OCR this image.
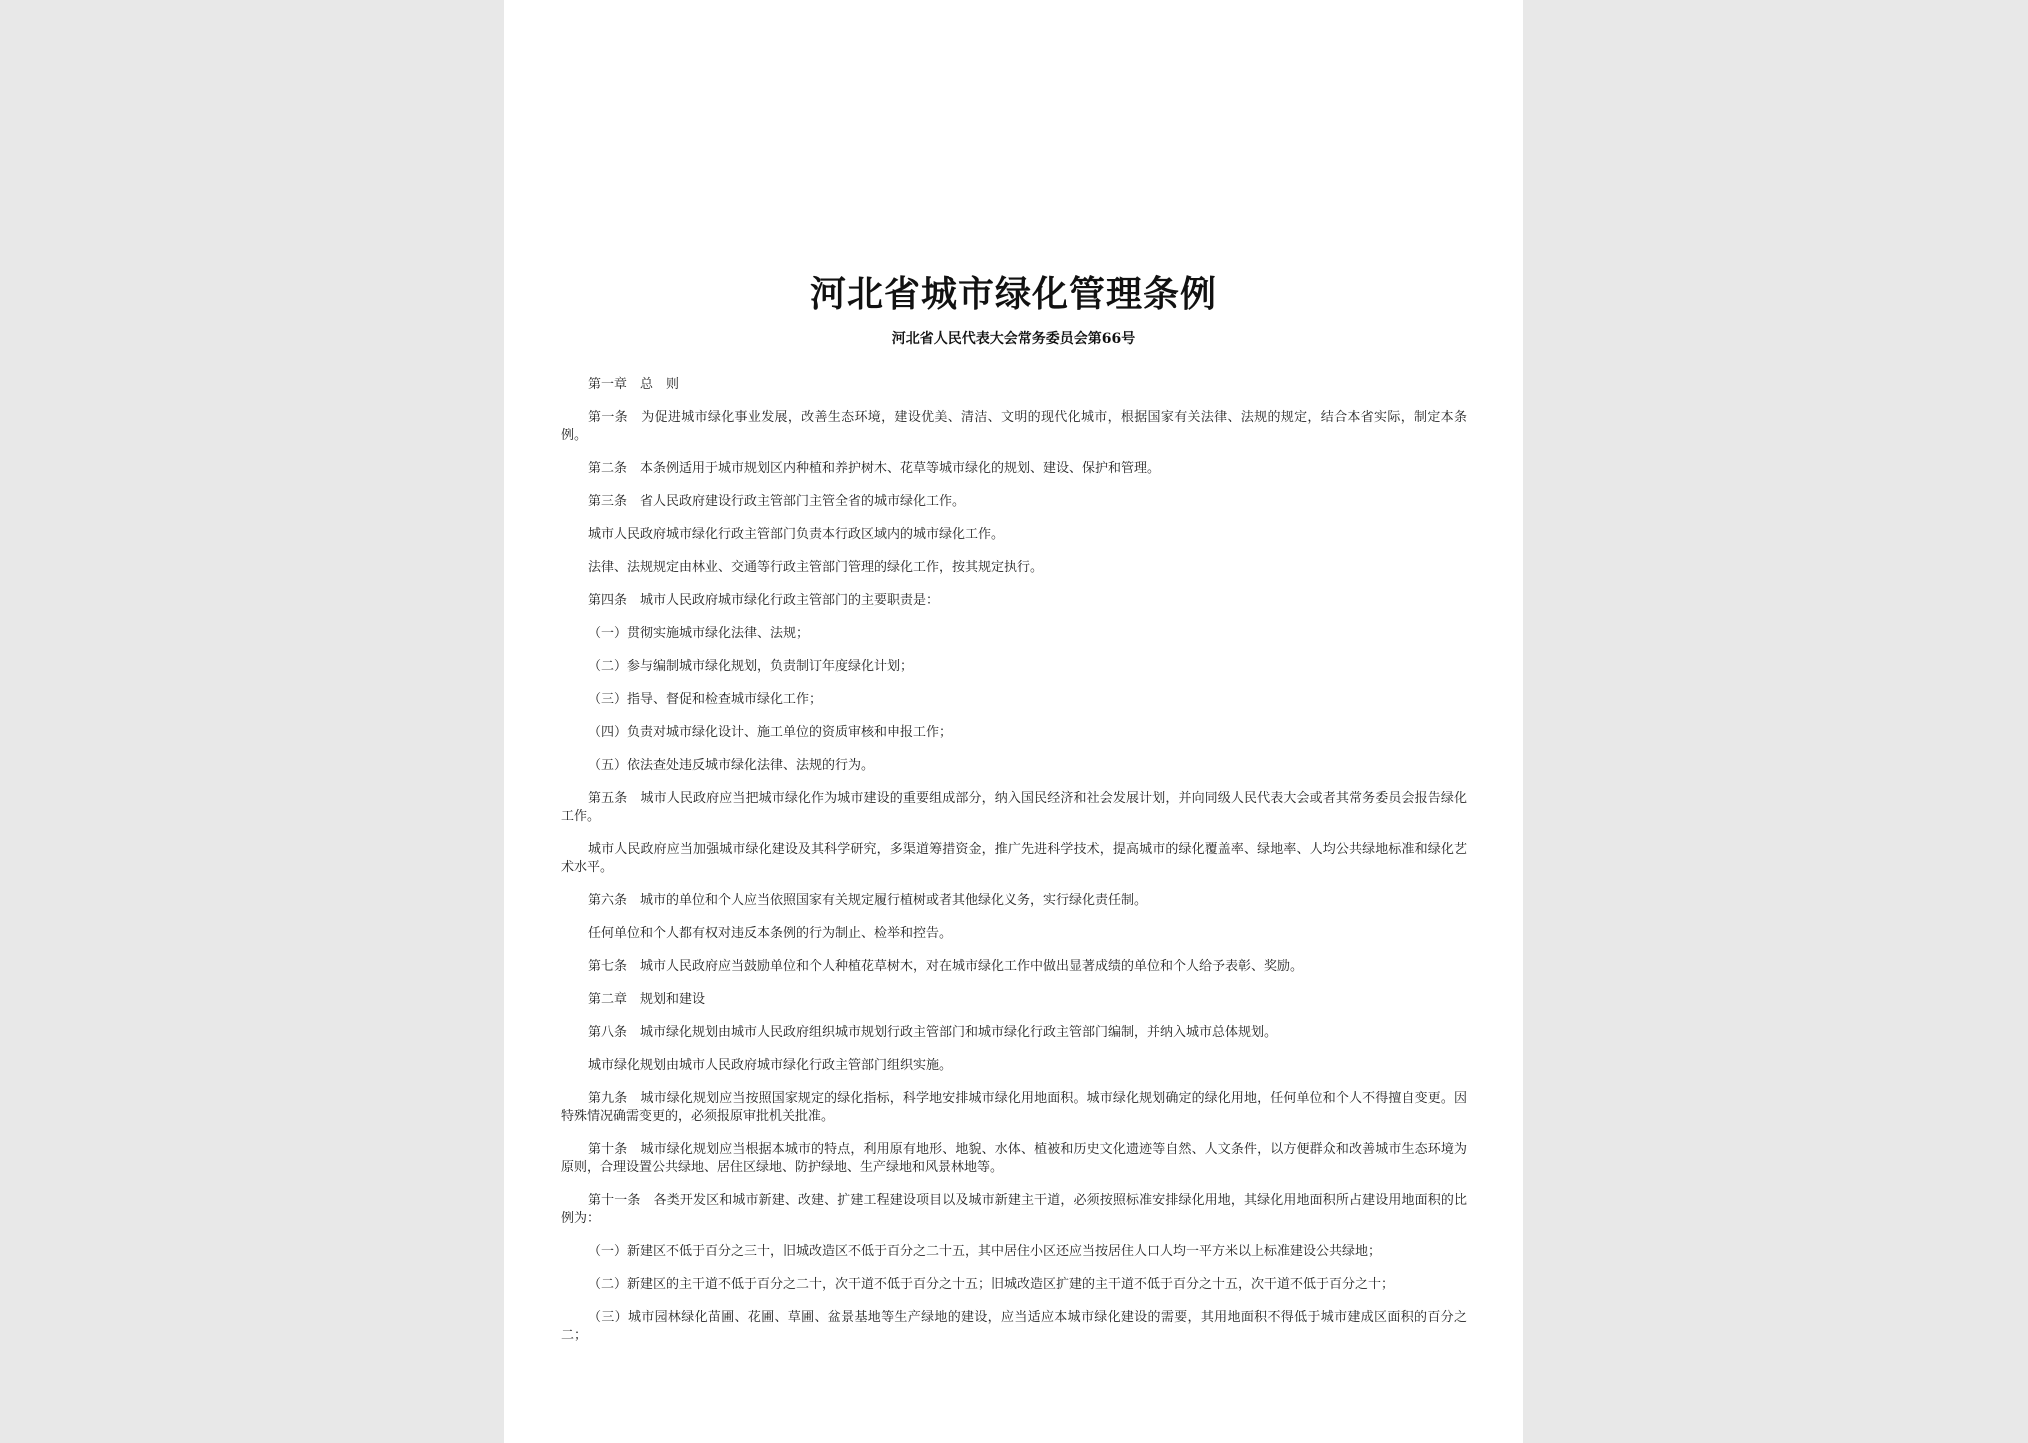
河北省城市绿化管理条例
河北省人民代表大会常务委员会第66号

第一章　总　则

第一条　为促进城市绿化事业发展，改善生态环境，建设优美、清洁、文明的现代化城市，根据国家有关法律、法规的规定，结合本省实际，制定本条例。

第二条　本条例适用于城市规划区内种植和养护树木、花草等城市绿化的规划、建设、保护和管理。

第三条　省人民政府建设行政主管部门主管全省的城市绿化工作。

城市人民政府城市绿化行政主管部门负责本行政区域内的城市绿化工作。

法律、法规规定由林业、交通等行政主管部门管理的绿化工作，按其规定执行。

第四条　城市人民政府城市绿化行政主管部门的主要职责是：

（一）贯彻实施城市绿化法律、法规；

（二）参与编制城市绿化规划，负责制订年度绿化计划；

（三）指导、督促和检查城市绿化工作；

（四）负责对城市绿化设计、施工单位的资质审核和申报工作；

（五）依法查处违反城市绿化法律、法规的行为。

第五条　城市人民政府应当把城市绿化作为城市建设的重要组成部分，纳入国民经济和社会发展计划，并向同级人民代表大会或者其常务委员会报告绿化工作。

城市人民政府应当加强城市绿化建设及其科学研究，多渠道筹措资金，推广先进科学技术，提高城市的绿化覆盖率、绿地率、人均公共绿地标准和绿化艺术水平。

第六条　城市的单位和个人应当依照国家有关规定履行植树或者其他绿化义务，实行绿化责任制。

任何单位和个人都有权对违反本条例的行为制止、检举和控告。

第七条　城市人民政府应当鼓励单位和个人种植花草树木，对在城市绿化工作中做出显著成绩的单位和个人给予表彰、奖励。

第二章　规划和建设

第八条　城市绿化规划由城市人民政府组织城市规划行政主管部门和城市绿化行政主管部门编制，并纳入城市总体规划。

城市绿化规划由城市人民政府城市绿化行政主管部门组织实施。

第九条　城市绿化规划应当按照国家规定的绿化指标，科学地安排城市绿化用地面积。城市绿化规划确定的绿化用地，任何单位和个人不得擅自变更。因特殊情况确需变更的，必须报原审批机关批准。

第十条　城市绿化规划应当根据本城市的特点，利用原有地形、地貌、水体、植被和历史文化遗迹等自然、人文条件，以方便群众和改善城市生态环境为原则，合理设置公共绿地、居住区绿地、防护绿地、生产绿地和风景林地等。

第十一条　各类开发区和城市新建、改建、扩建工程建设项目以及城市新建主干道，必须按照标准安排绿化用地，其绿化用地面积所占建设用地面积的比例为：

（一）新建区不低于百分之三十，旧城改造区不低于百分之二十五，其中居住小区还应当按居住人口人均一平方米以上标准建设公共绿地；

（二）新建区的主干道不低于百分之二十，次干道不低于百分之十五；旧城改造区扩建的主干道不低于百分之十五，次干道不低于百分之十；

（三）城市园林绿化苗圃、花圃、草圃、盆景基地等生产绿地的建设，应当适应本城市绿化建设的需要，其用地面积不得低于城市建成区面积的百分之二；
